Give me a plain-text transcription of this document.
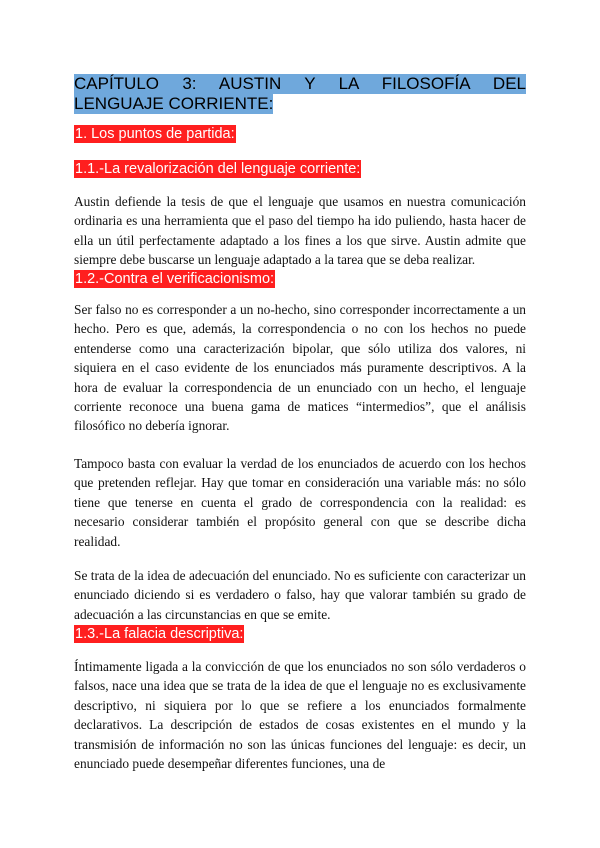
CAPÍTULO 3: AUSTIN Y LA FILOSOFÍA DEL
LENGUAJE CORRIENTE:
1. Los puntos de partida:
1.1.-La revalorización del lenguaje corriente:

Austin defiende la tesis de que el lenguaje que usamos en nuestra comunicación ordinaria es una herramienta que el paso del tiempo ha ido puliendo, hasta hacer de ella un útil perfectamente adaptado a los fines a los que sirve. Austin admite que siempre debe buscarse un lenguaje adaptado a la tarea que se deba realizar.

1.2.-Contra el verificacionismo:

Ser falso no es corresponder a un no-hecho, sino corresponder incorrectamente a un hecho. Pero es que, además, la correspondencia o no con los hechos no puede entenderse como una caracterización bipolar, que sólo utiliza dos valores, ni siquiera en el caso evidente de los enunciados más puramente descriptivos. A la hora de evaluar la correspondencia de un enunciado con un hecho, el lenguaje corriente reconoce una buena gama de matices “intermedios”, que el análisis filosófico no debería ignorar.

Tampoco basta con evaluar la verdad de los enunciados de acuerdo con los hechos que pretenden reflejar. Hay que tomar en consideración una variable más: no sólo tiene que tenerse en cuenta el grado de correspondencia con la realidad: es necesario considerar también el propósito general con que se describe dicha realidad.

Se trata de la idea de adecuación del enunciado. No es suficiente con caracterizar un enunciado diciendo si es verdadero o falso, hay que valorar también su grado de adecuación a las circunstancias en que se emite.

1.3.-La falacia descriptiva:

Íntimamente ligada a la convicción de que los enunciados no son sólo verdaderos o falsos, nace una idea que se trata de la idea de que el lenguaje no es exclusivamente descriptivo, ni siquiera por lo que se refiere a los enunciados formalmente declarativos. La descripción de estados de cosas existentes en el mundo y la transmisión de información no son las únicas funciones del lenguaje: es decir, un enunciado puede desempeñar diferentes funciones, una de
